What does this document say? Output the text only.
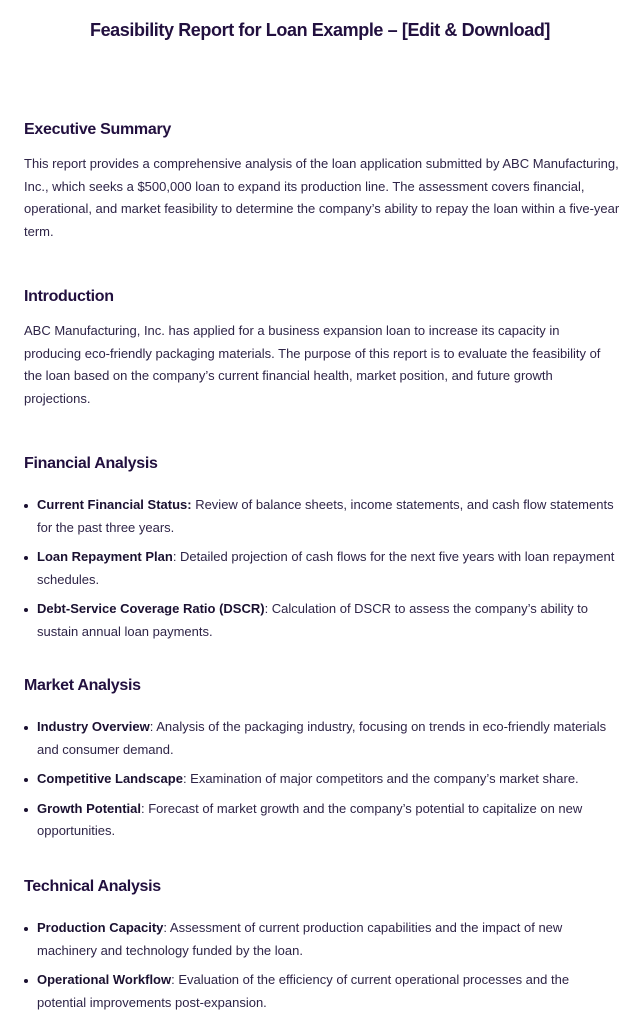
Feasibility Report for Loan Example – [Edit & Download]
Executive Summary

This report provides a comprehensive analysis of the loan application submitted by ABC Manufacturing, Inc., which seeks a $500,000 loan to expand its production line. The assessment covers financial, operational, and market feasibility to determine the company’s ability to repay the loan within a five-year term.

Introduction

ABC Manufacturing, Inc. has applied for a business expansion loan to increase its capacity in producing eco-friendly packaging materials. The purpose of this report is to evaluate the feasibility of the loan based on the company’s current financial health, market position, and future growth projections.

Financial Analysis
Current Financial Status: Review of balance sheets, income statements, and cash flow statements for the past three years.
Loan Repayment Plan: Detailed projection of cash flows for the next five years with loan repayment schedules.
Debt-Service Coverage Ratio (DSCR): Calculation of DSCR to assess the company’s ability to sustain annual loan payments.
Market Analysis
Industry Overview: Analysis of the packaging industry, focusing on trends in eco-friendly materials and consumer demand.
Competitive Landscape: Examination of major competitors and the company’s market share.
Growth Potential: Forecast of market growth and the company’s potential to capitalize on new opportunities.
Technical Analysis
Production Capacity: Assessment of current production capabilities and the impact of new machinery and technology funded by the loan.
Operational Workflow: Evaluation of the efficiency of current operational processes and the potential improvements post-expansion.
